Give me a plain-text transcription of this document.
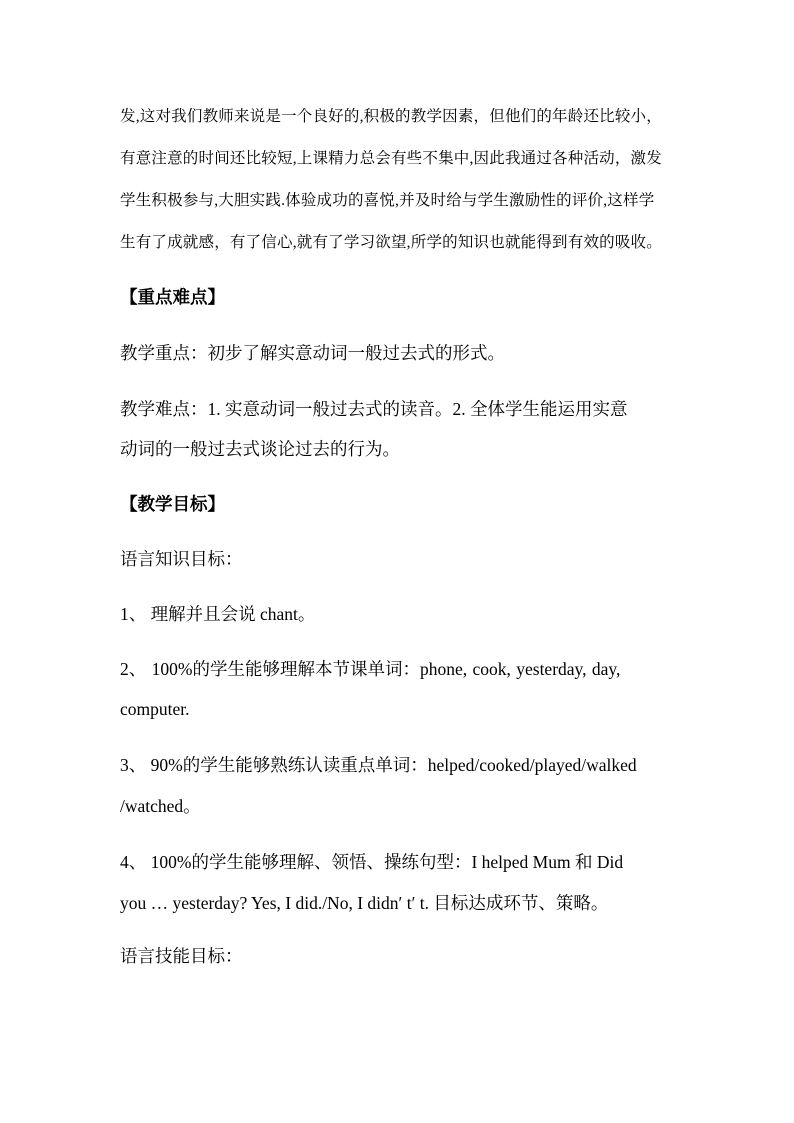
发,这对我们教师来说是一个良好的,积极的教学因素，但他们的年龄还比较小，
有意注意的时间还比较短,上课精力总会有些不集中,因此我通过各种活动，激发
学生积极参与,大胆实践.体验成功的喜悦,并及时给与学生激励性的评价,这样学
生有了成就感，有了信心,就有了学习欲望,所学的知识也就能得到有效的吸收。
【重点难点】
教学重点：初步了解实意动词一般过去式的形式。
教学难点：1. 实意动词一般过去式的读音。2. 全体学生能运用实意
动词的一般过去式谈论过去的行为。
【教学目标】
语言知识目标：
1、 理解并且会说 chant。
2、 100%的学生能够理解本节课单词：phone, cook, yesterday, day,
computer.
3、 90%的学生能够熟练认读重点单词：helped/cooked/played/walked
/watched。
4、 100%的学生能够理解、领悟、操练句型：I helped Mum 和 Did
you … yesterday? Yes, I did./No, I didn′ t′ t. 目标达成环节、策略。
语言技能目标：
